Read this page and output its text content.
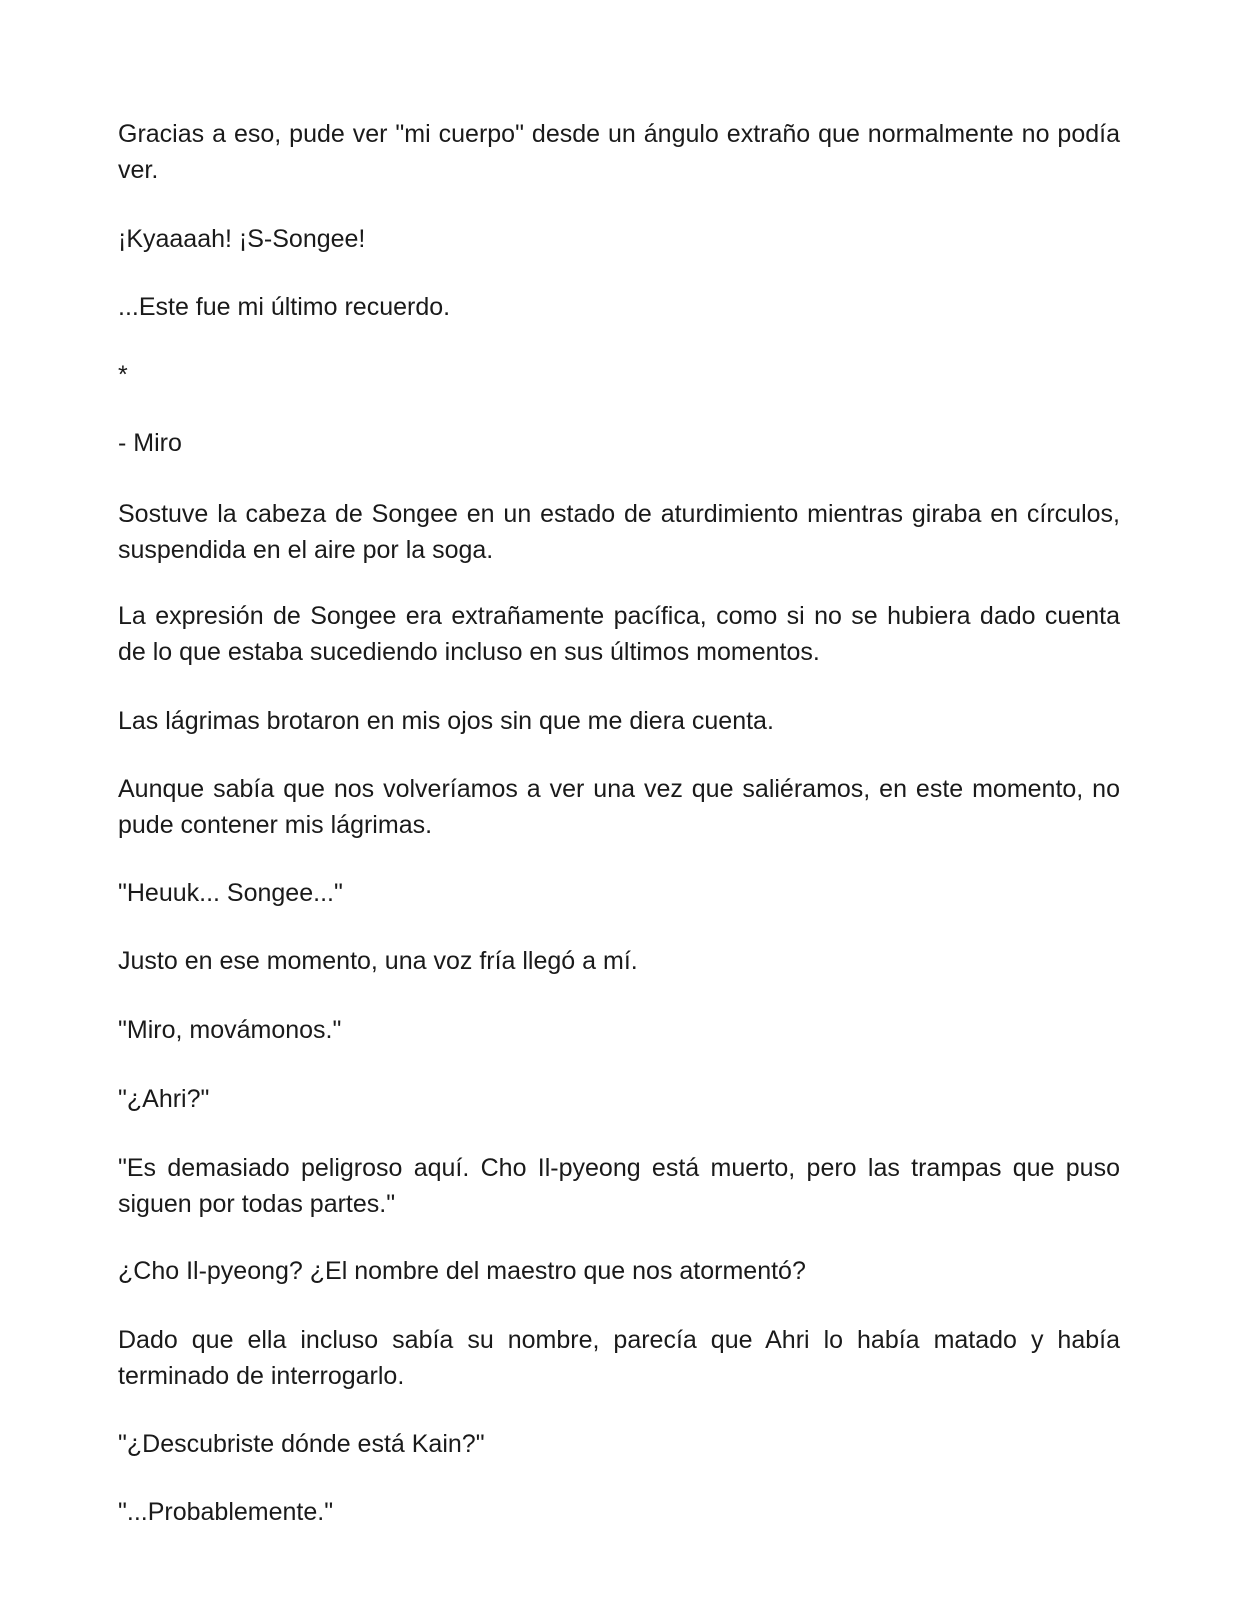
Gracias a eso, pude ver "mi cuerpo" desde un ángulo extraño que normalmente no podía ver.

¡Kyaaaah! ¡S-Songee!

...Este fue mi último recuerdo.

*

- Miro

Sostuve la cabeza de Songee en un estado de aturdimiento mientras giraba en círculos, suspendida en el aire por la soga.

La expresión de Songee era extrañamente pacífica, como si no se hubiera dado cuenta de lo que estaba sucediendo incluso en sus últimos momentos.

Las lágrimas brotaron en mis ojos sin que me diera cuenta.

Aunque sabía que nos volveríamos a ver una vez que saliéramos, en este momento, no pude contener mis lágrimas.

"Heuuk... Songee..."

Justo en ese momento, una voz fría llegó a mí.

"Miro, movámonos."

"¿Ahri?"

"Es demasiado peligroso aquí. Cho Il-pyeong está muerto, pero las trampas que puso siguen por todas partes."

¿Cho Il-pyeong? ¿El nombre del maestro que nos atormentó?

Dado que ella incluso sabía su nombre, parecía que Ahri lo había matado y había terminado de interrogarlo.

"¿Descubriste dónde está Kain?"

"...Probablemente."
